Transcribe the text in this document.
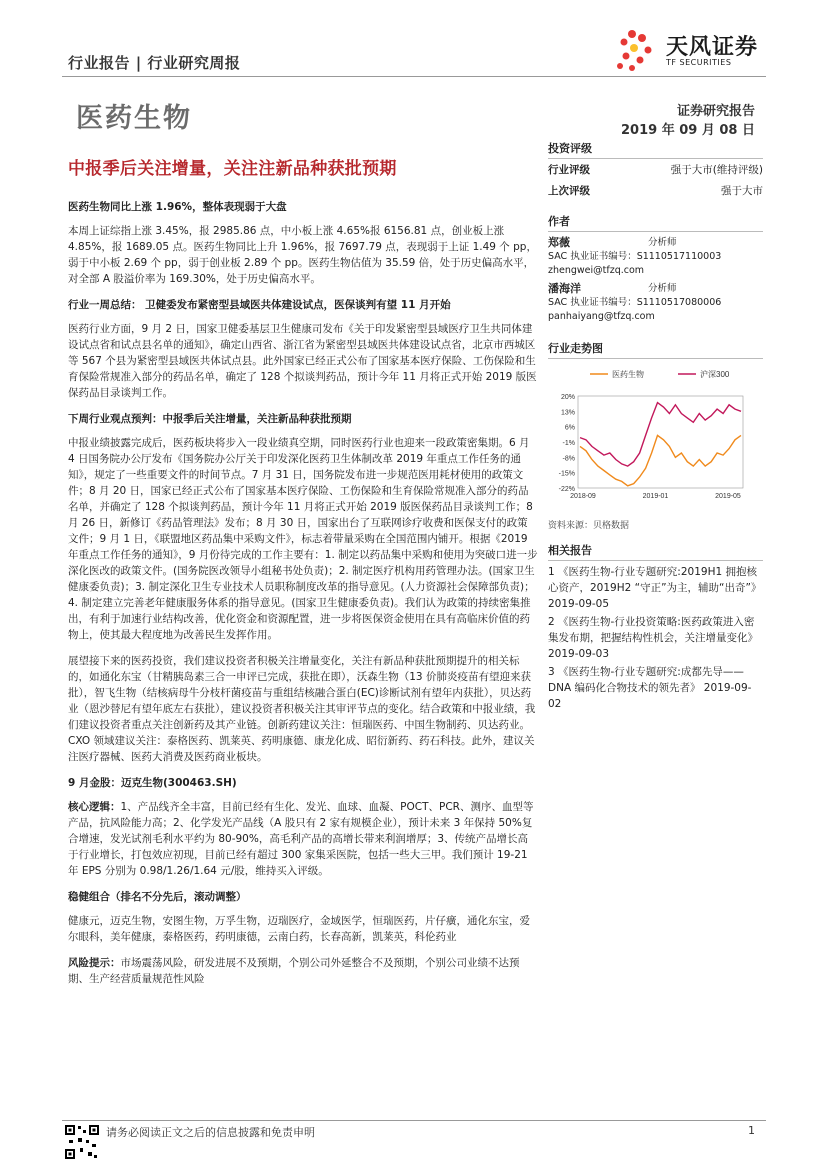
行业报告 | 行业研究周报
天风证券
TF SECURITIES
医药生物	证券研究报告
2019 年 09 月 08 日
中报季后关注增量，关注注新品种获批预期

医药生物同比上涨 1.96%，整体表现弱于大盘

本周上证综指上涨 3.45%，报 2985.86 点，中小板上涨 4.65%报 6156.81 点，创业板上涨 4.85%，报 1689.05 点。医药生物同比上升 1.96%，报 7697.79 点，表现弱于上证 1.49 个 pp，弱于中小板 2.69 个 pp，弱于创业板 2.89 个 pp。医药生物估值为 35.59 倍，处于历史偏高水平，对全部 A 股溢价率为 169.30%，处于历史偏高水平。

行业一周总结： 卫健委发布紧密型县域医共体建设试点，医保谈判有望 11 月开始

医药行业方面，9 月 2 日，国家卫健委基层卫生健康司发布《关于印发紧密型县域医疗卫生共同体建设试点省和试点县名单的通知》，确定山西省、浙江省为紧密型县域医共体建设试点省，北京市西城区等 567 个县为紧密型县域医共体试点县。此外国家已经正式公布了国家基本医疗保险、工伤保险和生育保险常规准入部分的药品名单，确定了 128 个拟谈判药品，预计今年 11 月将正式开始 2019 版医保药品目录谈判工作。

下周行业观点预判：中报季后关注增量，关注新品种获批预期

中报业绩披露完成后，医药板块将步入一段业绩真空期，同时医药行业也迎来一段政策密集期。6 月 4 日国务院办公厅发布《国务院办公厅关于印发深化医药卫生体制改革 2019 年重点工作任务的通知》，规定了一些重要文件的时间节点。7 月 31 日，国务院发布进一步规范医用耗材使用的政策文件；8 月 20 日，国家已经正式公布了国家基本医疗保险、工伤保险和生育保险常规准入部分的药品名单，并确定了 128 个拟谈判药品，预计今年 11 月将正式开始 2019 版医保药品目录谈判工作；8 月 26 日，新修订《药品管理法》发布；8 月 30 日，国家出台了互联网诊疗收费和医保支付的政策文件；9 月 1 日，《联盟地区药品集中采购文件》，标志着带量采购在全国范围内铺开。根据《2019 年重点工作任务的通知》，9 月份待完成的工作主要有：1. 制定以药品集中采购和使用为突破口进一步深化医改的政策文件。(国务院医改领导小组秘书处负责)；2. 制定医疗机构用药管理办法。(国家卫生健康委负责)；3. 制定深化卫生专业技术人员职称制度改革的指导意见。(人力资源社会保障部负责)；4. 制定建立完善老年健康服务体系的指导意见。(国家卫生健康委负责)。我们认为政策的持续密集推出，有利于加速行业结构改善，优化资金和资源配置，进一步将医保资金使用在具有高临床价值的药物上，使其最大程度地为改善民生发挥作用。

展望接下来的医药投资，我们建议投资者积极关注增量变化，关注有新品种获批预期提升的相关标的，如通化东宝（甘精胰岛素三合一申评已完成，获批在即），沃森生物（13 价肺炎疫苗有望迎来获批），智飞生物（结核病母牛分枝杆菌疫苗与重组结核融合蛋白(EC)诊断试剂有望年内获批），贝达药业（恩沙替尼有望年底左右获批），建议投资者积极关注其审评节点的变化。结合政策和中报业绩，我们建议投资者重点关注创新药及其产业链。创新药建议关注：恒瑞医药、中国生物制药、贝达药业。CXO 领域建议关注：泰格医药、凯莱英、药明康德、康龙化成、昭衍新药、药石科技。此外，建议关注医疗器械、医药大消费及医药商业板块。

9 月金股：迈克生物(300463.SH)

核心逻辑：1、产品线齐全丰富，目前已经有生化、发光、血球、血凝、POCT、PCR、测序、血型等产品，抗风险能力高；2、化学发光产品线（A 股只有 2 家有规模企业），预计未来 3 年保持 50%复合增速，发光试剂毛利水平约为 80-90%，高毛利产品的高增长带来利润增厚；3、传统产品增长高于行业增长，打包效应初现，目前已经有超过 300 家集采医院，包括一些大三甲。我们预计 19-21 年 EPS 分别为 0.98/1.26/1.64 元/股，维持买入评级。

稳健组合（排名不分先后，滚动调整）

健康元，迈克生物，安图生物，万孚生物，迈瑞医疗，金域医学，恒瑞医药，片仔癀，通化东宝，爱尔眼科，美年健康，泰格医药，药明康德，云南白药，长春高新，凯莱英，科伦药业

风险提示：市场震荡风险，研发进展不及预期，个别公司外延整合不及预期，个别公司业绩不达预期、生产经营质量规范性风险

投资评级
行业评级	强于大市(维持评级)
上次评级	强于大市
作者
郑薇	分析师
SAC 执业证书编号：S1110517110003
zhengwei@tfzq.com
潘海洋	分析师
SAC 执业证书编号：S1110517080006
panhaiyang@tfzq.com
行业走势图
20%
13%
6%
-1%
-8%
-15%
-22%
2018-09	2019-01	2019-05
医药生物	沪深300
资料来源：贝格数据
相关报告
1 《医药生物-行业专题研究:2019H1 拥抱核心资产，2019H2 “守正”为主，辅助“出奇”》 2019-09-05
2 《医药生物-行业投资策略:医药政策进入密集发布期，把握结构性机会，关注增量变化》 2019-09-03
3 《医药生物-行业专题研究:成都先导——DNA 编码化合物技术的领先者》 2019-09-02
请务必阅读正文之后的信息披露和免责申明	1
